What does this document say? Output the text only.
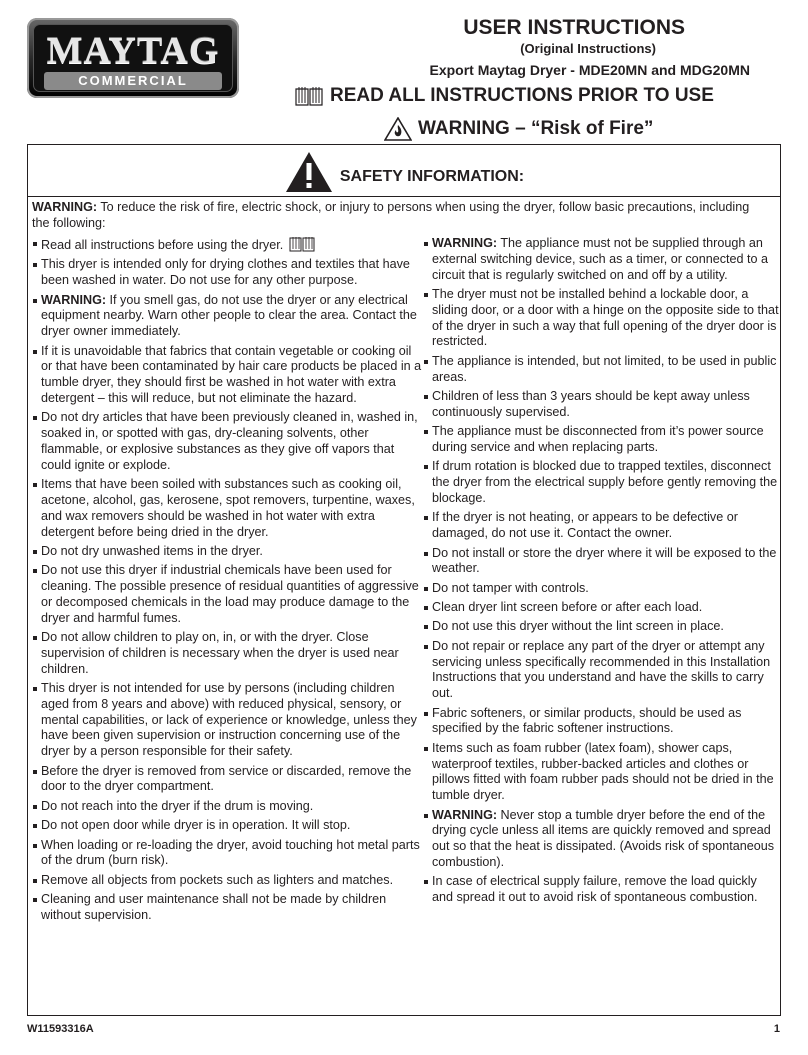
MAYTAG
COMMERCIAL
USER INSTRUCTIONS
(Original Instructions)
Export Maytag Dryer - MDE20MN and MDG20MN
READ ALL INSTRUCTIONS PRIOR TO USE
WARNING – “Risk of Fire”
SAFETY INFORMATION:
WARNING: To reduce the risk of fire, electric shock, or injury to persons when using the dryer, follow basic precautions, including the following:
Read all instructions before using the dryer.
This dryer is intended only for drying clothes and textiles that have been washed in water. Do not use for any other purpose.
WARNING: If you smell gas, do not use the dryer or any electrical equipment nearby. Warn other people to clear the area. Contact the dryer owner immediately.
If it is unavoidable that fabrics that contain vegetable or cooking oil or that have been contaminated by hair care products be placed in a tumble dryer, they should first be washed in hot water with extra detergent – this will reduce, but not eliminate the hazard.
Do not dry articles that have been previously cleaned in, washed in, soaked in, or spotted with gas, dry-cleaning solvents, other flammable, or explosive substances as they give off vapors that could ignite or explode.
Items that have been soiled with substances such as cooking oil, acetone, alcohol, gas, kerosene, spot removers, turpentine, waxes, and wax removers should be washed in hot water with extra detergent before being dried in the dryer.
Do not dry unwashed items in the dryer.
Do not use this dryer if industrial chemicals have been used for cleaning. The possible presence of residual quantities of aggressive or decomposed chemicals in the load may produce damage to the dryer and harmful fumes.
Do not allow children to play on, in, or with the dryer. Close supervision of children is necessary when the dryer is used near children.
This dryer is not intended for use by persons (including children aged from 8 years and above) with reduced physical, sensory, or mental capabilities, or lack of experience or knowledge, unless they have been given supervision or instruction concerning use of the dryer by a person responsible for their safety.
Before the dryer is removed from service or discarded, remove the door to the dryer compartment.
Do not reach into the dryer if the drum is moving.
Do not open door while dryer is in operation. It will stop.
When loading or re-loading the dryer, avoid touching hot metal parts of the drum (burn risk).
Remove all objects from pockets such as lighters and matches.
Cleaning and user maintenance shall not be made by children without supervision.
WARNING: The appliance must not be supplied through an external switching device, such as a timer, or connected to a circuit that is regularly switched on and off by a utility.
The dryer must not be installed behind a lockable door, a sliding door, or a door with a hinge on the opposite side to that of the dryer in such a way that full opening of the dryer door is restricted.
The appliance is intended, but not limited, to be used in public areas.
Children of less than 3 years should be kept away unless continuously supervised.
The appliance must be disconnected from it’s power source during service and when replacing parts.
If drum rotation is blocked due to trapped textiles, disconnect the dryer from the electrical supply before gently removing the blockage.
If the dryer is not heating, or appears to be defective or damaged, do not use it. Contact the owner.
Do not install or store the dryer where it will be exposed to the weather.
Do not tamper with controls.
Clean dryer lint screen before or after each load.
Do not use this dryer without the lint screen in place.
Do not repair or replace any part of the dryer or attempt any servicing unless specifically recommended in this Installation Instructions that you understand and have the skills to carry out.
Fabric softeners, or similar products, should be used as specified by the fabric softener instructions.
Items such as foam rubber (latex foam), shower caps, waterproof textiles, rubber-backed articles and clothes or pillows fitted with foam rubber pads should not be dried in the tumble dryer.
WARNING: Never stop a tumble dryer before the end of the drying cycle unless all items are quickly removed and spread out so that the heat is dissipated. (Avoids risk of spontaneous combustion).
In case of electrical supply failure, remove the load quickly and spread it out to avoid risk of spontaneous combustion.
W11593316A	1
